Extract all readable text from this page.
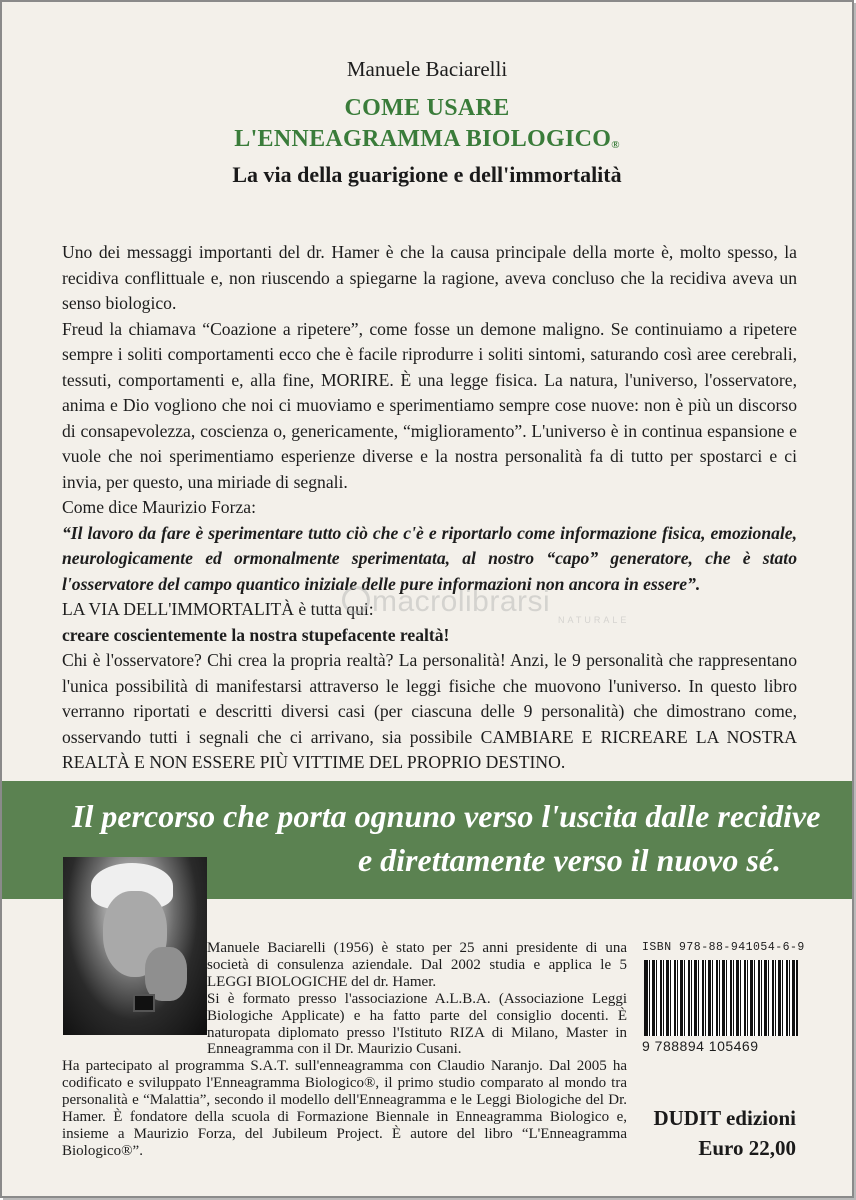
Manuele Baciarelli
COME USARE
L'ENNEAGRAMMA BIOLOGICO®
La via della guarigione e dell'immortalità

Uno dei messaggi importanti del dr. Hamer è che la causa principale della morte è, molto spesso, la recidiva conflittuale e, non riuscendo a spiegarne la ragione, aveva concluso che la recidiva aveva un senso biologico.

Freud la chiamava “Coazione a ripetere”, come fosse un demone maligno. Se continuiamo a ripetere sempre i soliti comportamenti ecco che è facile riprodurre i soliti sintomi, saturando così aree cerebrali, tessuti, comportamenti e, alla fine, MORIRE. È una legge fisica. La natura, l'universo, l'osservatore, anima e Dio vogliono che noi ci muoviamo e sperimentiamo sempre cose nuove: non è più un discorso di consapevolezza, coscienza o, genericamente, “miglioramento”. L'universo è in continua espansione e vuole che noi sperimentiamo esperienze diverse e la nostra personalità fa di tutto per spostarci e ci invia, per questo, una miriade di segnali.

Come dice Maurizio Forza:

“Il lavoro da fare è sperimentare tutto ciò che c'è e riportarlo come informazione fisica, emozionale, neurologicamente ed ormonalmente sperimentata, al nostro “capo” generatore, che è stato l'osservatore del campo quantico iniziale delle pure informazioni non ancora in essere”.

LA VIA DELL'IMMORTALITÀ è tutta qui:

creare coscientemente la nostra stupefacente realtà!

Chi è l'osservatore? Chi crea la propria realtà? La personalità! Anzi, le 9 personalità che rappresentano l'unica possibilità di manifestarsi attraverso le leggi fisiche che muovono l'universo. In questo libro verranno riportati e descritti diversi casi (per ciascuna delle 9 personalità) che dimostrano come, osservando tutti i segnali che ci arrivano, sia possibile CAMBIARE E RICREARE LA NOSTRA REALTÀ E NON ESSERE PIÙ VITTIME DEL PROPRIO DESTINO.

macrolibrarsi
NATURALE
Il percorso che porta ognuno verso l'uscita dalle recidive
e direttamente verso il nuovo sé.

Manuele Baciarelli (1956) è stato per 25 anni presidente di una società di consulenza aziendale. Dal 2002 studia e applica le 5 LEGGI BIOLOGICHE del dr. Hamer.

Si è formato presso l'associazione A.L.B.A. (Associazione Leggi Biologiche Applicate) e ha fatto parte del consiglio docenti. È naturopata diplomato presso l'Istituto RIZA di Milano, Master in Enneagramma con il Dr. Maurizio Cusani.

Ha partecipato al programma S.A.T. sull'enneagramma con Claudio Naranjo. Dal 2005 ha codificato e sviluppato l'Enneagramma Biologico®, il primo studio comparato al mondo tra personalità e “Malattia”, secondo il modello dell'Enneagramma e le Leggi Biologiche del Dr. Hamer. È fondatore della scuola di Formazione Biennale in Enneagramma Biologico e, insieme a Maurizio Forza, del Jubileum Project. È autore del libro “L'Enneagramma Biologico®”.

ISBN 978-88-941054-6-9
9 788894 105469
DUDIT edizioni
Euro 22,00
